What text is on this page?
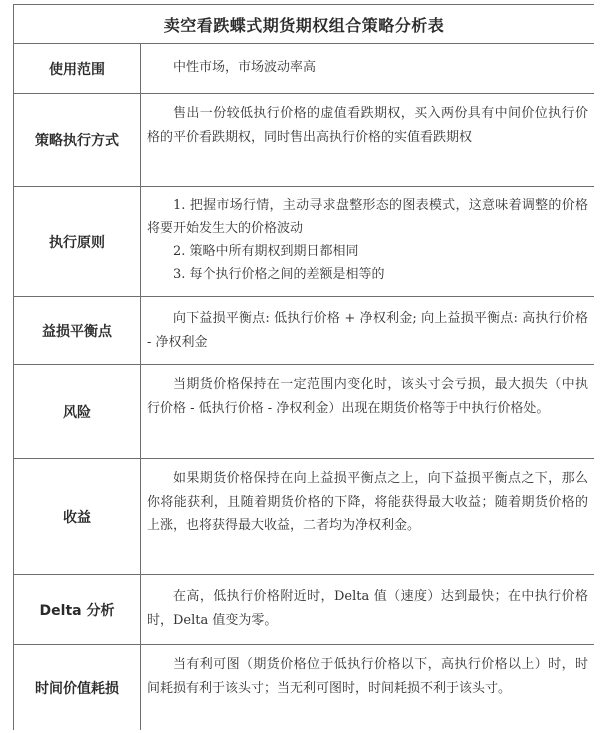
卖空看跌蝶式期货期权组合策略分析表
使用范围	中性市场，市场波动率高

策略执行方式

售出一份较低执行价格的虚值看跌期权，买入两份具有中间价位执行价格的平价看跌期权，同时售出高执行价格的实值看跌期权

执行原则

1. 把握市场行情，主动寻求盘整形态的图表模式，这意味着调整的价格将要开始发生大的价格波动

2. 策略中所有期权到期日都相同

3. 每个执行价格之间的差额是相等的

益损平衡点

向下益损平衡点: 低执行价格 + 净权利金; 向上益损平衡点: 高执行价格 - 净权利金

风险

当期货价格保持在一定范围内变化时，该头寸会亏损，最大损失（中执行价格 - 低执行价格 - 净权利金）出现在期货价格等于中执行价格处。

收益

如果期货价格保持在向上益损平衡点之上，向下益损平衡点之下，那么你将能获利，且随着期货价格的下降，将能获得最大收益；随着期货价格的上涨，也将获得最大收益，二者均为净权利金。

Delta 分析

在高，低执行价格附近时，Delta 值（速度）达到最快；在中执行价格时，Delta 值变为零。

时间价值耗损

当有利可图（期货价格位于低执行价格以下，高执行价格以上）时，时间耗损有利于该头寸；当无利可图时，时间耗损不利于该头寸。
